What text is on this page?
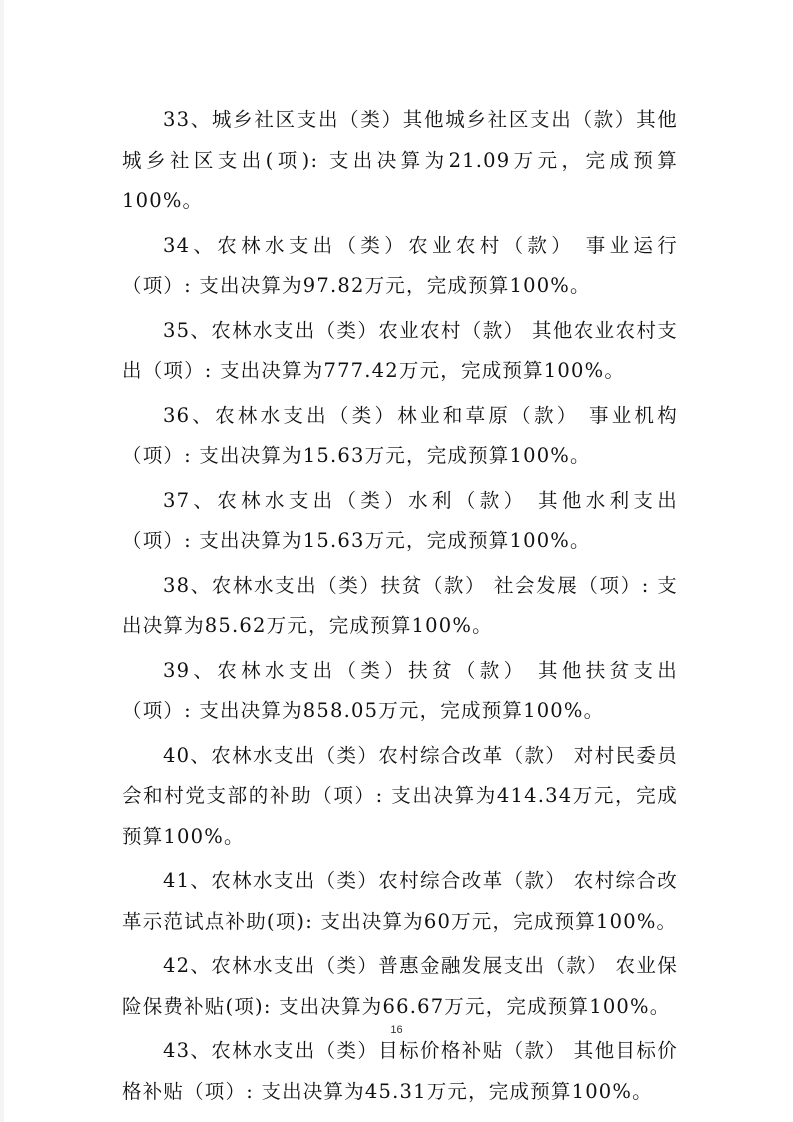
33、城乡社区支出（类）其他城乡社区支出（款）其他城乡社区支出(项): 支出决算为21.09万元，完成预算100%。

34、农林水支出（类）农业农村（款） 事业运行（项）: 支出决算为97.82万元，完成预算100%。

35、农林水支出（类）农业农村（款） 其他农业农村支出（项）: 支出决算为777.42万元，完成预算100%。

36、农林水支出（类）林业和草原（款） 事业机构（项）: 支出决算为15.63万元，完成预算100%。

37、农林水支出（类）水利（款） 其他水利支出（项）: 支出决算为15.63万元，完成预算100%。

38、农林水支出（类）扶贫（款） 社会发展（项）: 支出决算为85.62万元，完成预算100%。

39、农林水支出（类）扶贫（款） 其他扶贫支出（项）: 支出决算为858.05万元，完成预算100%。

40、农林水支出（类）农村综合改革（款） 对村民委员会和村党支部的补助（项）: 支出决算为414.34万元，完成预算100%。

41、农林水支出（类）农村综合改革（款） 农村综合改革示范试点补助(项): 支出决算为60万元，完成预算100%。

42、农林水支出（类）普惠金融发展支出（款） 农业保险保费补贴(项): 支出决算为66.67万元，完成预算100%。

43、农林水支出（类）目标价格补贴（款） 其他目标价格补贴（项）: 支出决算为45.31万元，完成预算100%。

16
